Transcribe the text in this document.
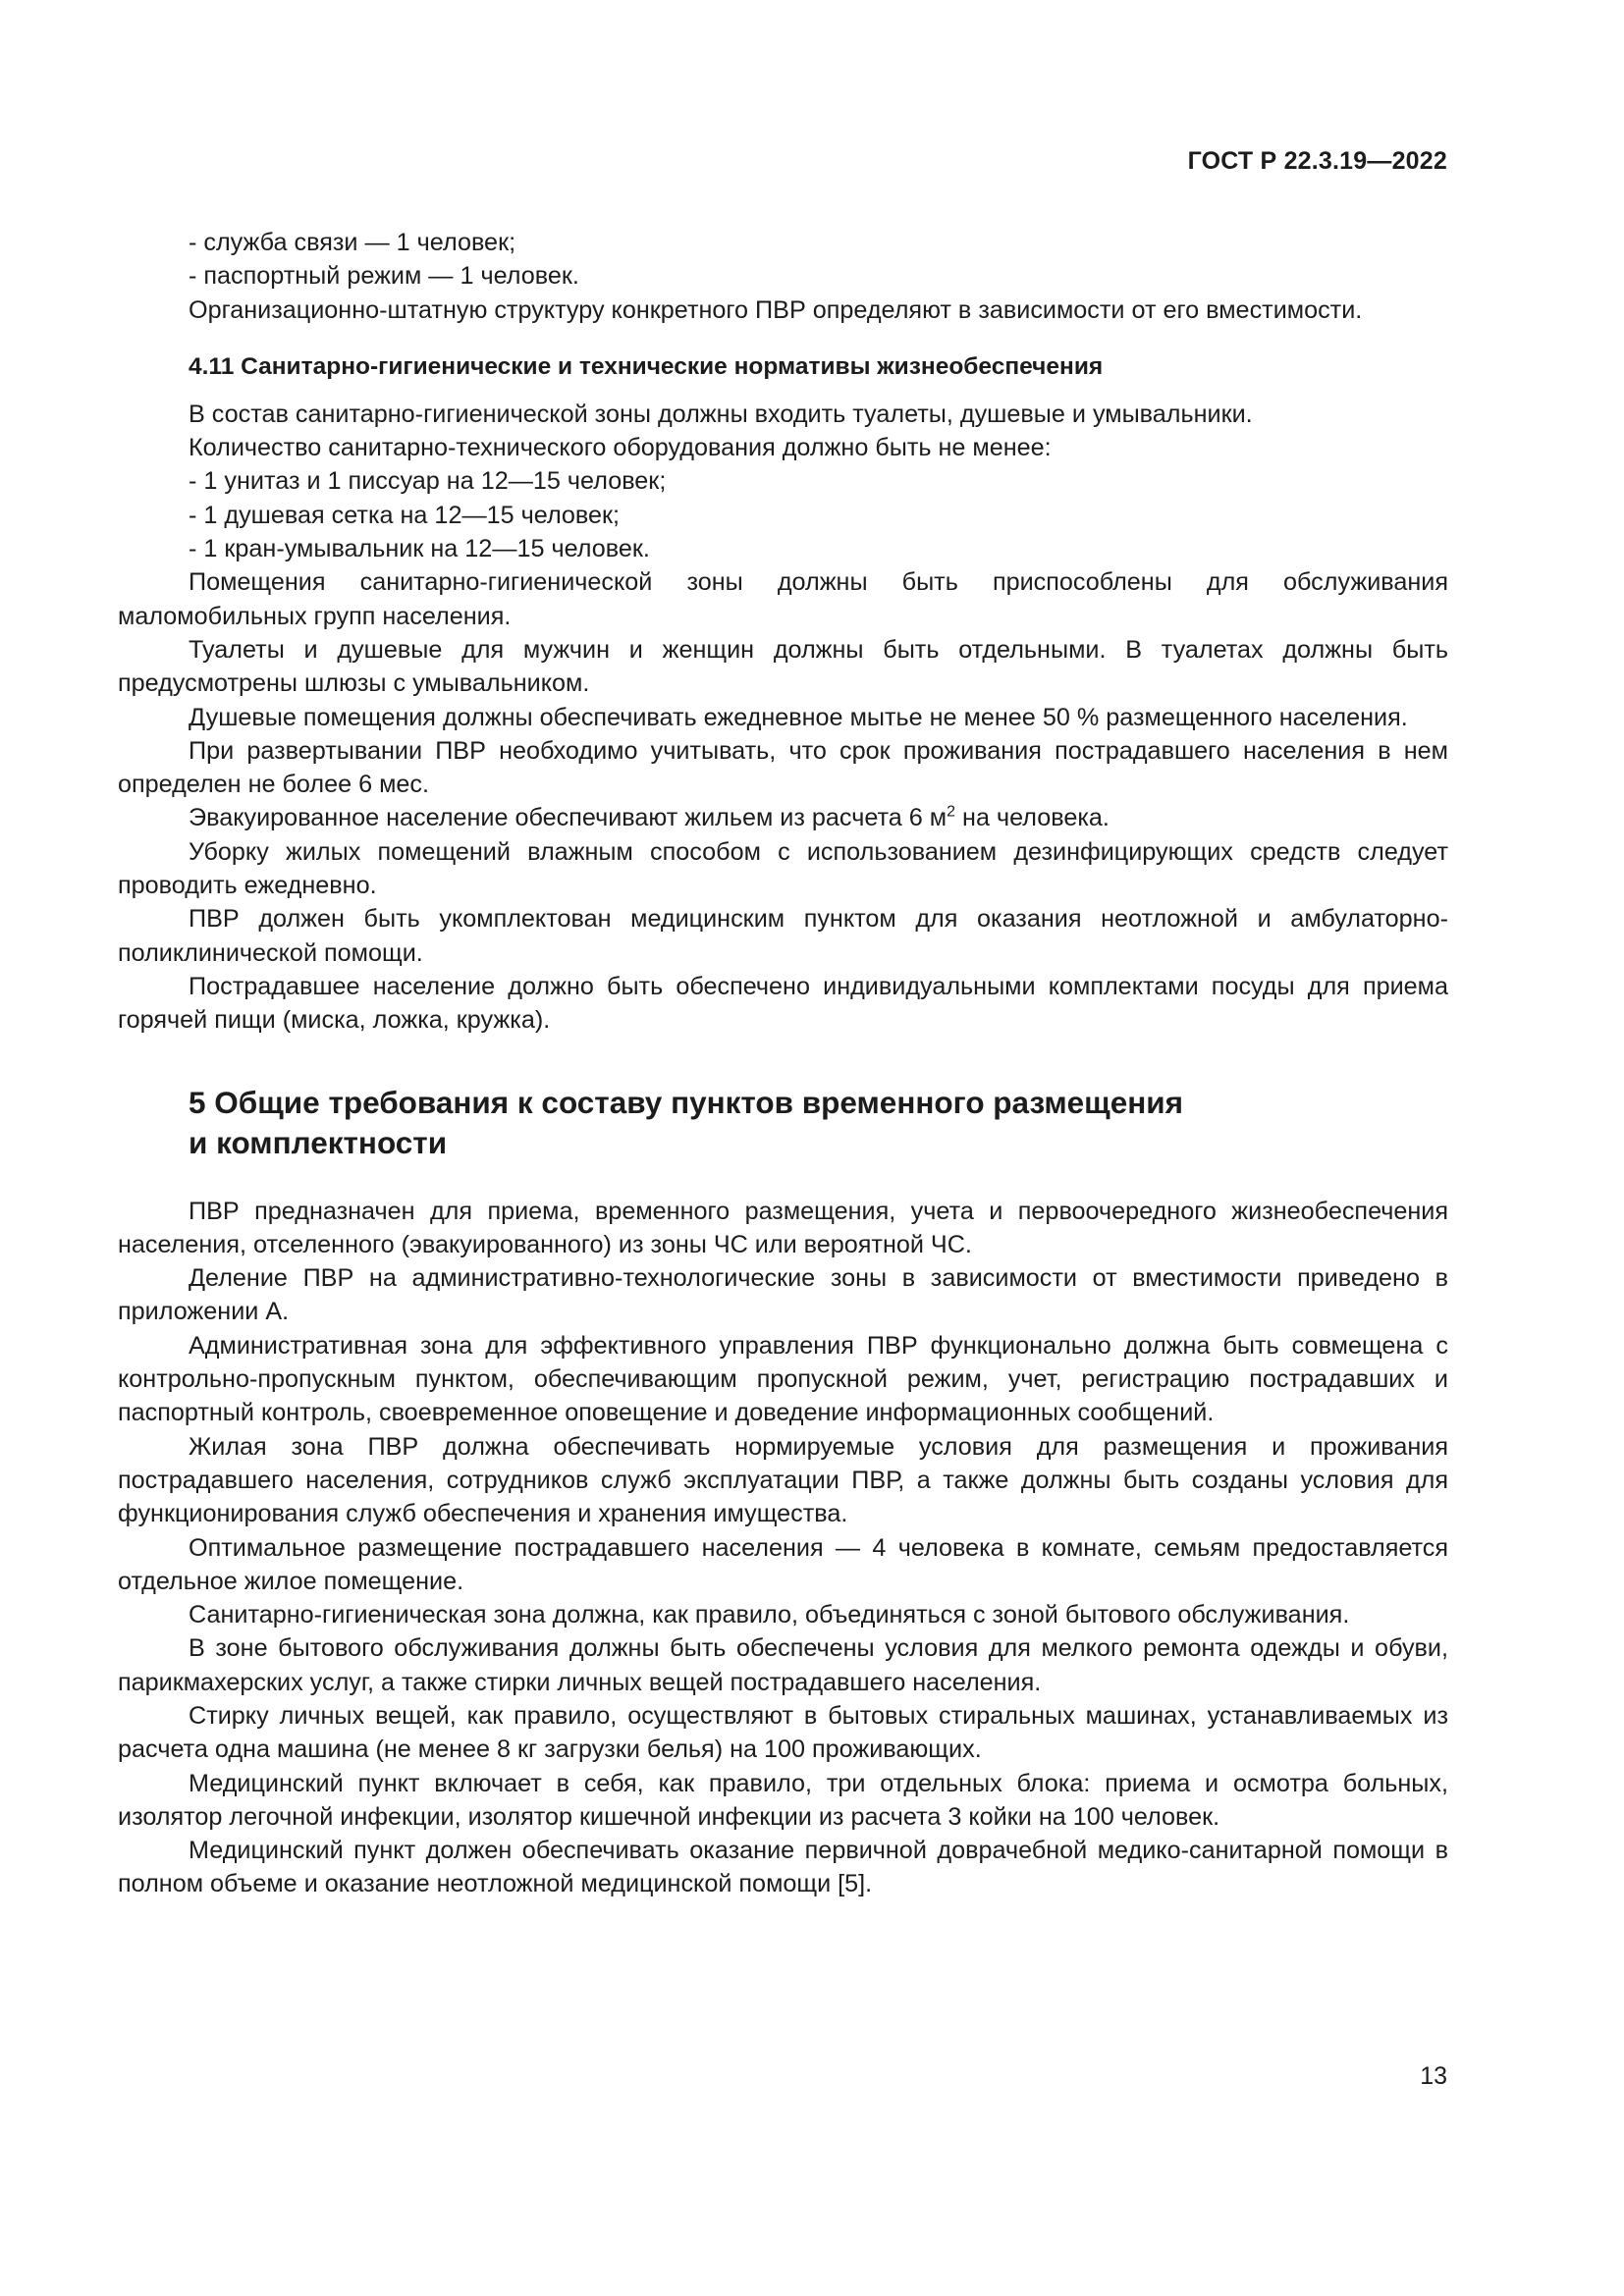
ГОСТ Р 22.3.19—2022

- служба связи — 1 человек;

- паспортный режим — 1 человек.

Организационно-штатную структуру конкретного ПВР определяют в зависимости от его вместимости.

4.11 Санитарно-гигиенические и технические нормативы жизнеобеспечения

В состав санитарно-гигиенической зоны должны входить туалеты, душевые и умывальники.

Количество санитарно-технического оборудования должно быть не менее:

- 1 унитаз и 1 писсуар на 12—15 человек;

- 1 душевая сетка на 12—15 человек;

- 1 кран-умывальник на 12—15 человек.

Помещения санитарно-гигиенической зоны должны быть приспособлены для обслуживания маломобильных групп населения.

Туалеты и душевые для мужчин и женщин должны быть отдельными. В туалетах должны быть предусмотрены шлюзы с умывальником.

Душевые помещения должны обеспечивать ежедневное мытье не менее 50 % размещенного населения.

При развертывании ПВР необходимо учитывать, что срок проживания пострадавшего населения в нем определен не более 6 мес.

Эвакуированное население обеспечивают жильем из расчета 6 $м^2$ на человека.

Уборку жилых помещений влажным способом с использованием дезинфицирующих средств следует проводить ежедневно.

ПВР должен быть укомплектован медицинским пунктом для оказания неотложной и амбулаторно-поликлинической помощи.

Пострадавшее население должно быть обеспечено индивидуальными комплектами посуды для приема горячей пищи (миска, ложка, кружка).

5 Общие требования к составу пунктов временного размещения
и комплектности

ПВР предназначен для приема, временного размещения, учета и первоочередного жизнеобеспечения населения, отселенного (эвакуированного) из зоны ЧС или вероятной ЧС.

Деление ПВР на административно-технологические зоны в зависимости от вместимости приведено в приложении А.

Административная зона для эффективного управления ПВР функционально должна быть совмещена с контрольно-пропускным пунктом, обеспечивающим пропускной режим, учет, регистрацию пострадавших и паспортный контроль, своевременное оповещение и доведение информационных сообщений.

Жилая зона ПВР должна обеспечивать нормируемые условия для размещения и проживания пострадавшего населения, сотрудников служб эксплуатации ПВР, а также должны быть созданы условия для функционирования служб обеспечения и хранения имущества.

Оптимальное размещение пострадавшего населения — 4 человека в комнате, семьям предоставляется отдельное жилое помещение.

Санитарно-гигиеническая зона должна, как правило, объединяться с зоной бытового обслуживания.

В зоне бытового обслуживания должны быть обеспечены условия для мелкого ремонта одежды и обуви, парикмахерских услуг, а также стирки личных вещей пострадавшего населения.

Стирку личных вещей, как правило, осуществляют в бытовых стиральных машинах, устанавливаемых из расчета одна машина (не менее 8 кг загрузки белья) на 100 проживающих.

Медицинский пункт включает в себя, как правило, три отдельных блока: приема и осмотра больных, изолятор легочной инфекции, изолятор кишечной инфекции из расчета 3 койки на 100 человек.

Медицинский пункт должен обеспечивать оказание первичной доврачебной медико-санитарной помощи в полном объеме и оказание неотложной медицинской помощи [5].

13
